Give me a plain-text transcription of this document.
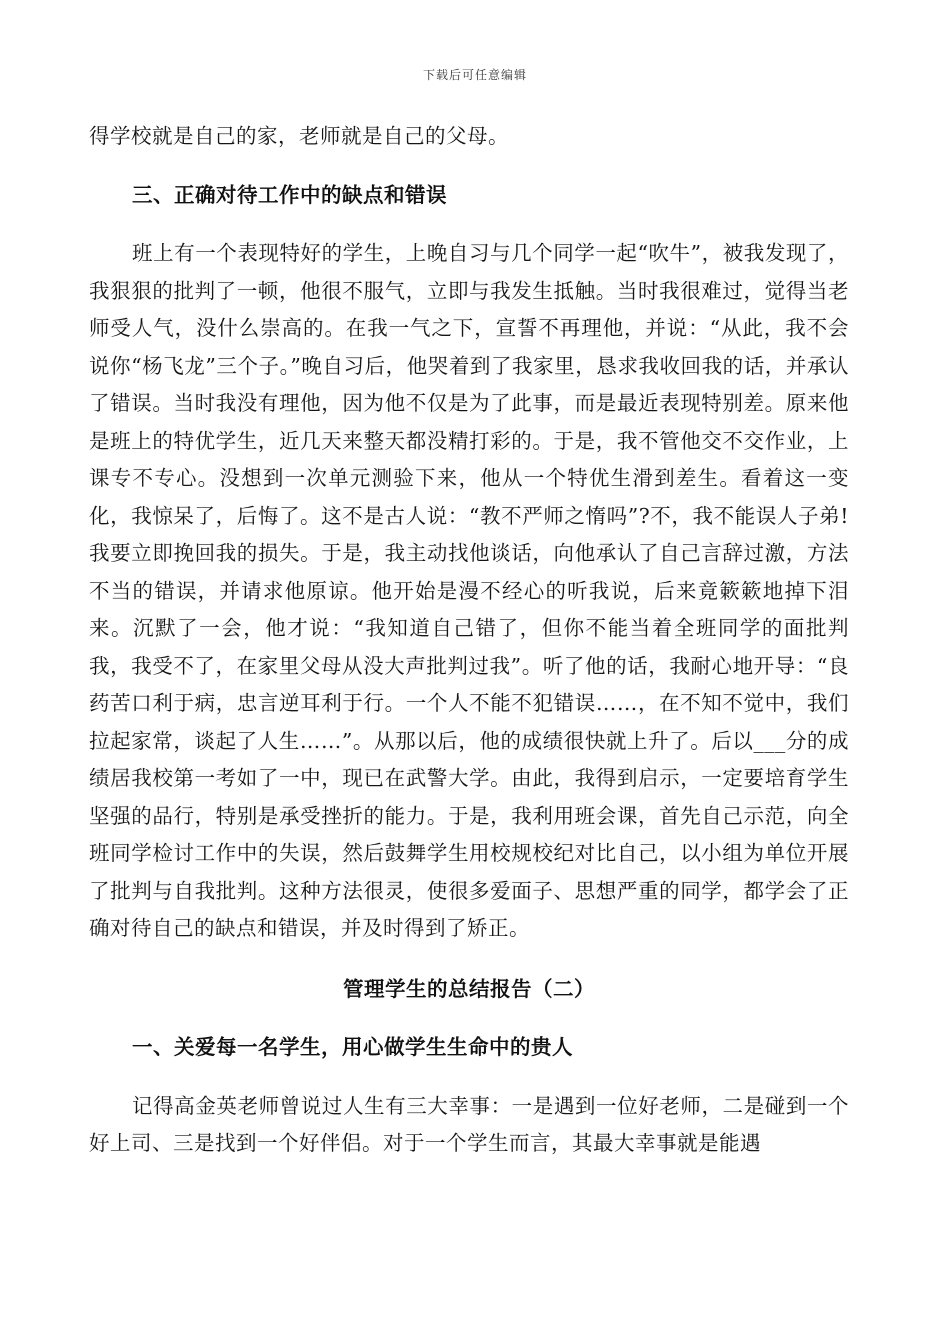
下载后可任意编辑

得学校就是自己的家，老师就是自己的父母。

三、正确对待工作中的缺点和错误

班上有一个表现特好的学生，上晚自习与几个同学一起“吹牛”，被我发现了，我狠狠的批判了一顿，他很不服气，立即与我发生抵触。当时我很难过，觉得当老师受人气，没什么崇高的。在我一气之下，宣誓不再理他，并说：“从此，我不会说你“杨飞龙”三个子。”晚自习后，他哭着到了我家里，恳求我收回我的话，并承认了错误。当时我没有理他，因为他不仅是为了此事，而是最近表现特别差。原来他是班上的特优学生，近几天来整天都没精打彩的。于是，我不管他交不交作业，上课专不专心。没想到一次单元测验下来，他从一个特优生滑到差生。看着这一变化，我惊呆了，后悔了。这不是古人说：“教不严师之惰吗”?不，我不能误人子弟!我要立即挽回我的损失。于是，我主动找他谈话，向他承认了自己言辞过激，方法不当的错误，并请求他原谅。他开始是漫不经心的听我说，后来竟簌簌地掉下泪来。沉默了一会，他才说：“我知道自己错了，但你不能当着全班同学的面批判我，我受不了，在家里父母从没大声批判过我”。听了他的话，我耐心地开导：“良药苦口利于病，忠言逆耳利于行。一个人不能不犯错误……，在不知不觉中，我们拉起家常，谈起了人生……”。从那以后，他的成绩很快就上升了。后以___分的成绩居我校第一考如了一中，现已在武警大学。由此，我得到启示，一定要培育学生坚强的品行，特别是承受挫折的能力。于是，我利用班会课，首先自己示范，向全班同学检讨工作中的失误，然后鼓舞学生用校规校纪对比自己，以小组为单位开展了批判与自我批判。这种方法很灵，使很多爱面子、思想严重的同学，都学会了正确对待自己的缺点和错误，并及时得到了矫正。

管理学生的总结报告（二）

一、关爱每一名学生，用心做学生生命中的贵人

记得高金英老师曾说过人生有三大幸事：一是遇到一位好老师，二是碰到一个好上司、三是找到一个好伴侣。对于一个学生而言，其最大幸事就是能遇
